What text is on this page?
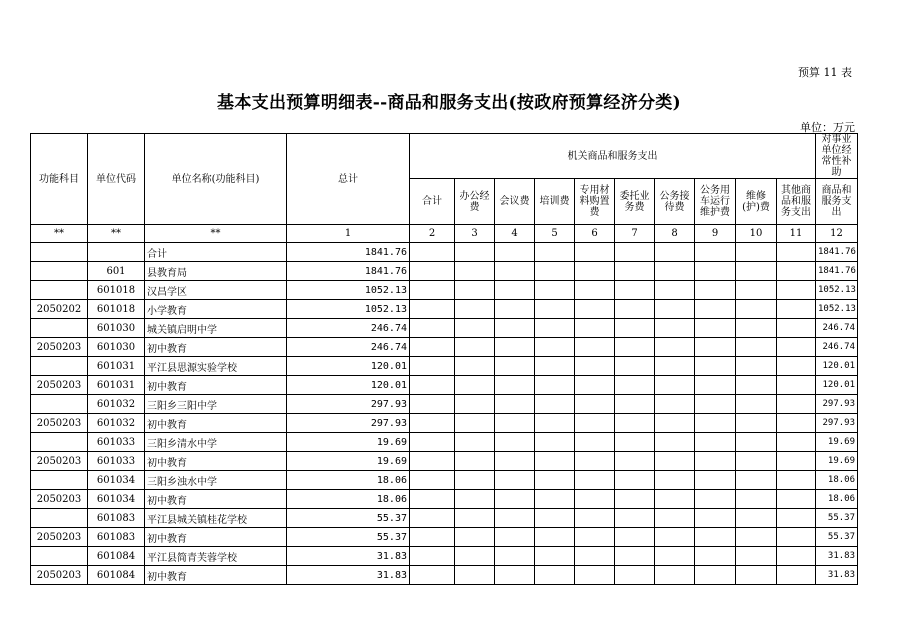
预算 11 表
基本支出预算明细表--商品和服务支出(按政府预算经济分类)
单位：万元
功能科目	单位代码	单位名称(功能科目)	总计	机关商品和服务支出										对事业单位经常性补助
				合计	办公经费	会议费	培训费	专用材料购置费	委托业务费	公务接待费	公务用车运行维护费	维修(护)费	其他商品和服务支出	商品和服务支出
**	**	**	1	2	3	4	5	6	7	8	9	10	11	12
		合计	1841.76											1841.76
	601	县教育局	1841.76											1841.76
	601018	汉昌学区	1052.13											1052.13
2050202	601018	小学教育	1052.13											1052.13
	601030	城关镇启明中学	246.74											246.74
2050203	601030	初中教育	246.74											246.74
	601031	平江县思源实验学校	120.01											120.01
2050203	601031	初中教育	120.01											120.01
	601032	三阳乡三阳中学	297.93											297.93
2050203	601032	初中教育	297.93											297.93
	601033	三阳乡清水中学	19.69											19.69
2050203	601033	初中教育	19.69											19.69
	601034	三阳乡浊水中学	18.06											18.06
2050203	601034	初中教育	18.06											18.06
	601083	平江县城关镇桂花学校	55.37											55.37
2050203	601083	初中教育	55.37											55.37
	601084	平江县简青芙蓉学校	31.83											31.83
2050203	601084	初中教育	31.83											31.83
